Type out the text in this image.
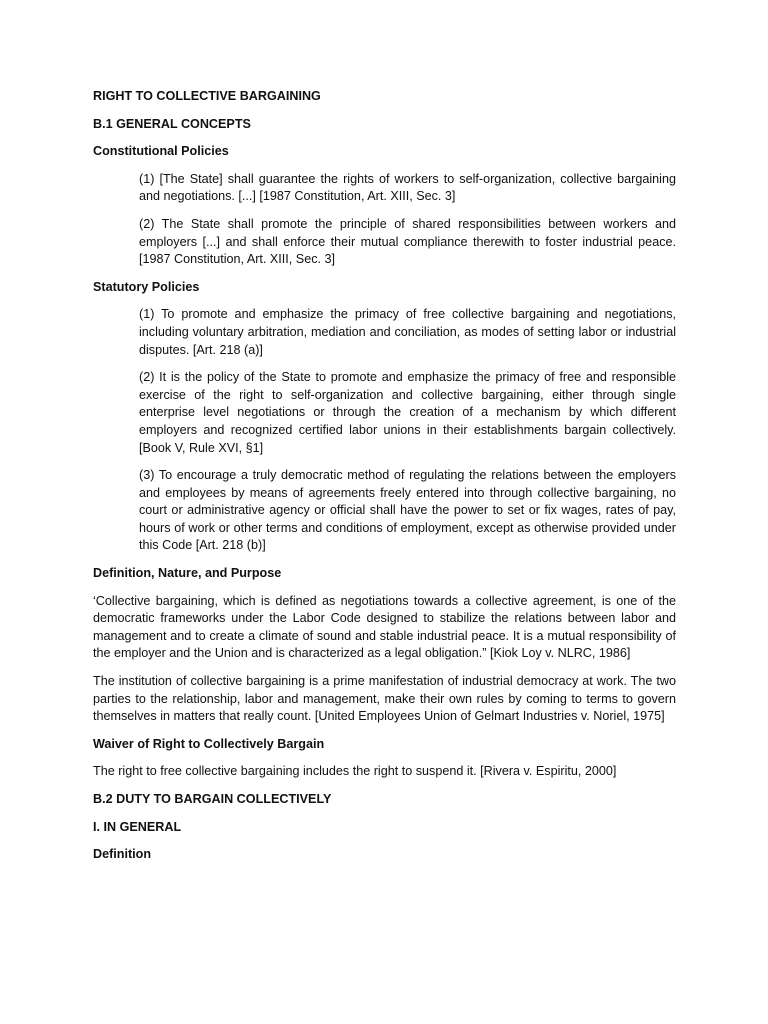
RIGHT TO COLLECTIVE BARGAINING
B.1 GENERAL CONCEPTS
Constitutional Policies

(1) [The State] shall guarantee the rights of workers to self-organization, collective bargaining and negotiations. [...] [1987 Constitution, Art. XIII, Sec. 3]

(2) The State shall promote the principle of shared responsibilities between workers and employers [...] and shall enforce their mutual compliance therewith to foster industrial peace. [1987 Constitution, Art. XIII, Sec. 3]

Statutory Policies

(1) To promote and emphasize the primacy of free collective bargaining and negotiations, including voluntary arbitration, mediation and conciliation, as modes of setting labor or industrial disputes. [Art. 218 (a)]

(2) It is the policy of the State to promote and emphasize the primacy of free and responsible exercise of the right to self-organization and collective bargaining, either through single enterprise level negotiations or through the creation of a mechanism by which different employers and recognized certified labor unions in their establishments bargain collectively. [Book V, Rule XVI, §1]

(3) To encourage a truly democratic method of regulating the relations between the employers and employees by means of agreements freely entered into through collective bargaining, no court or administrative agency or official shall have the power to set or fix wages, rates of pay, hours of work or other terms and conditions of employment, except as otherwise provided under this Code [Art. 218 (b)]

Definition, Nature, and Purpose

‘Collective bargaining, which is defined as negotiations towards a collective agreement, is one of the democratic frameworks under the Labor Code designed to stabilize the relations between labor and management and to create a climate of sound and stable industrial peace. It is a mutual responsibility of the employer and the Union and is characterized as a legal obligation.” [Kiok Loy v. NLRC, 1986]

The institution of collective bargaining is a prime manifestation of industrial democracy at work. The two parties to the relationship, labor and management, make their own rules by coming to terms to govern themselves in matters that really count. [United Employees Union of Gelmart Industries v. Noriel, 1975]

Waiver of Right to Collectively Bargain

The right to free collective bargaining includes the right to suspend it. [Rivera v. Espiritu, 2000]

B.2 DUTY TO BARGAIN COLLECTIVELY
I. IN GENERAL
Definition
